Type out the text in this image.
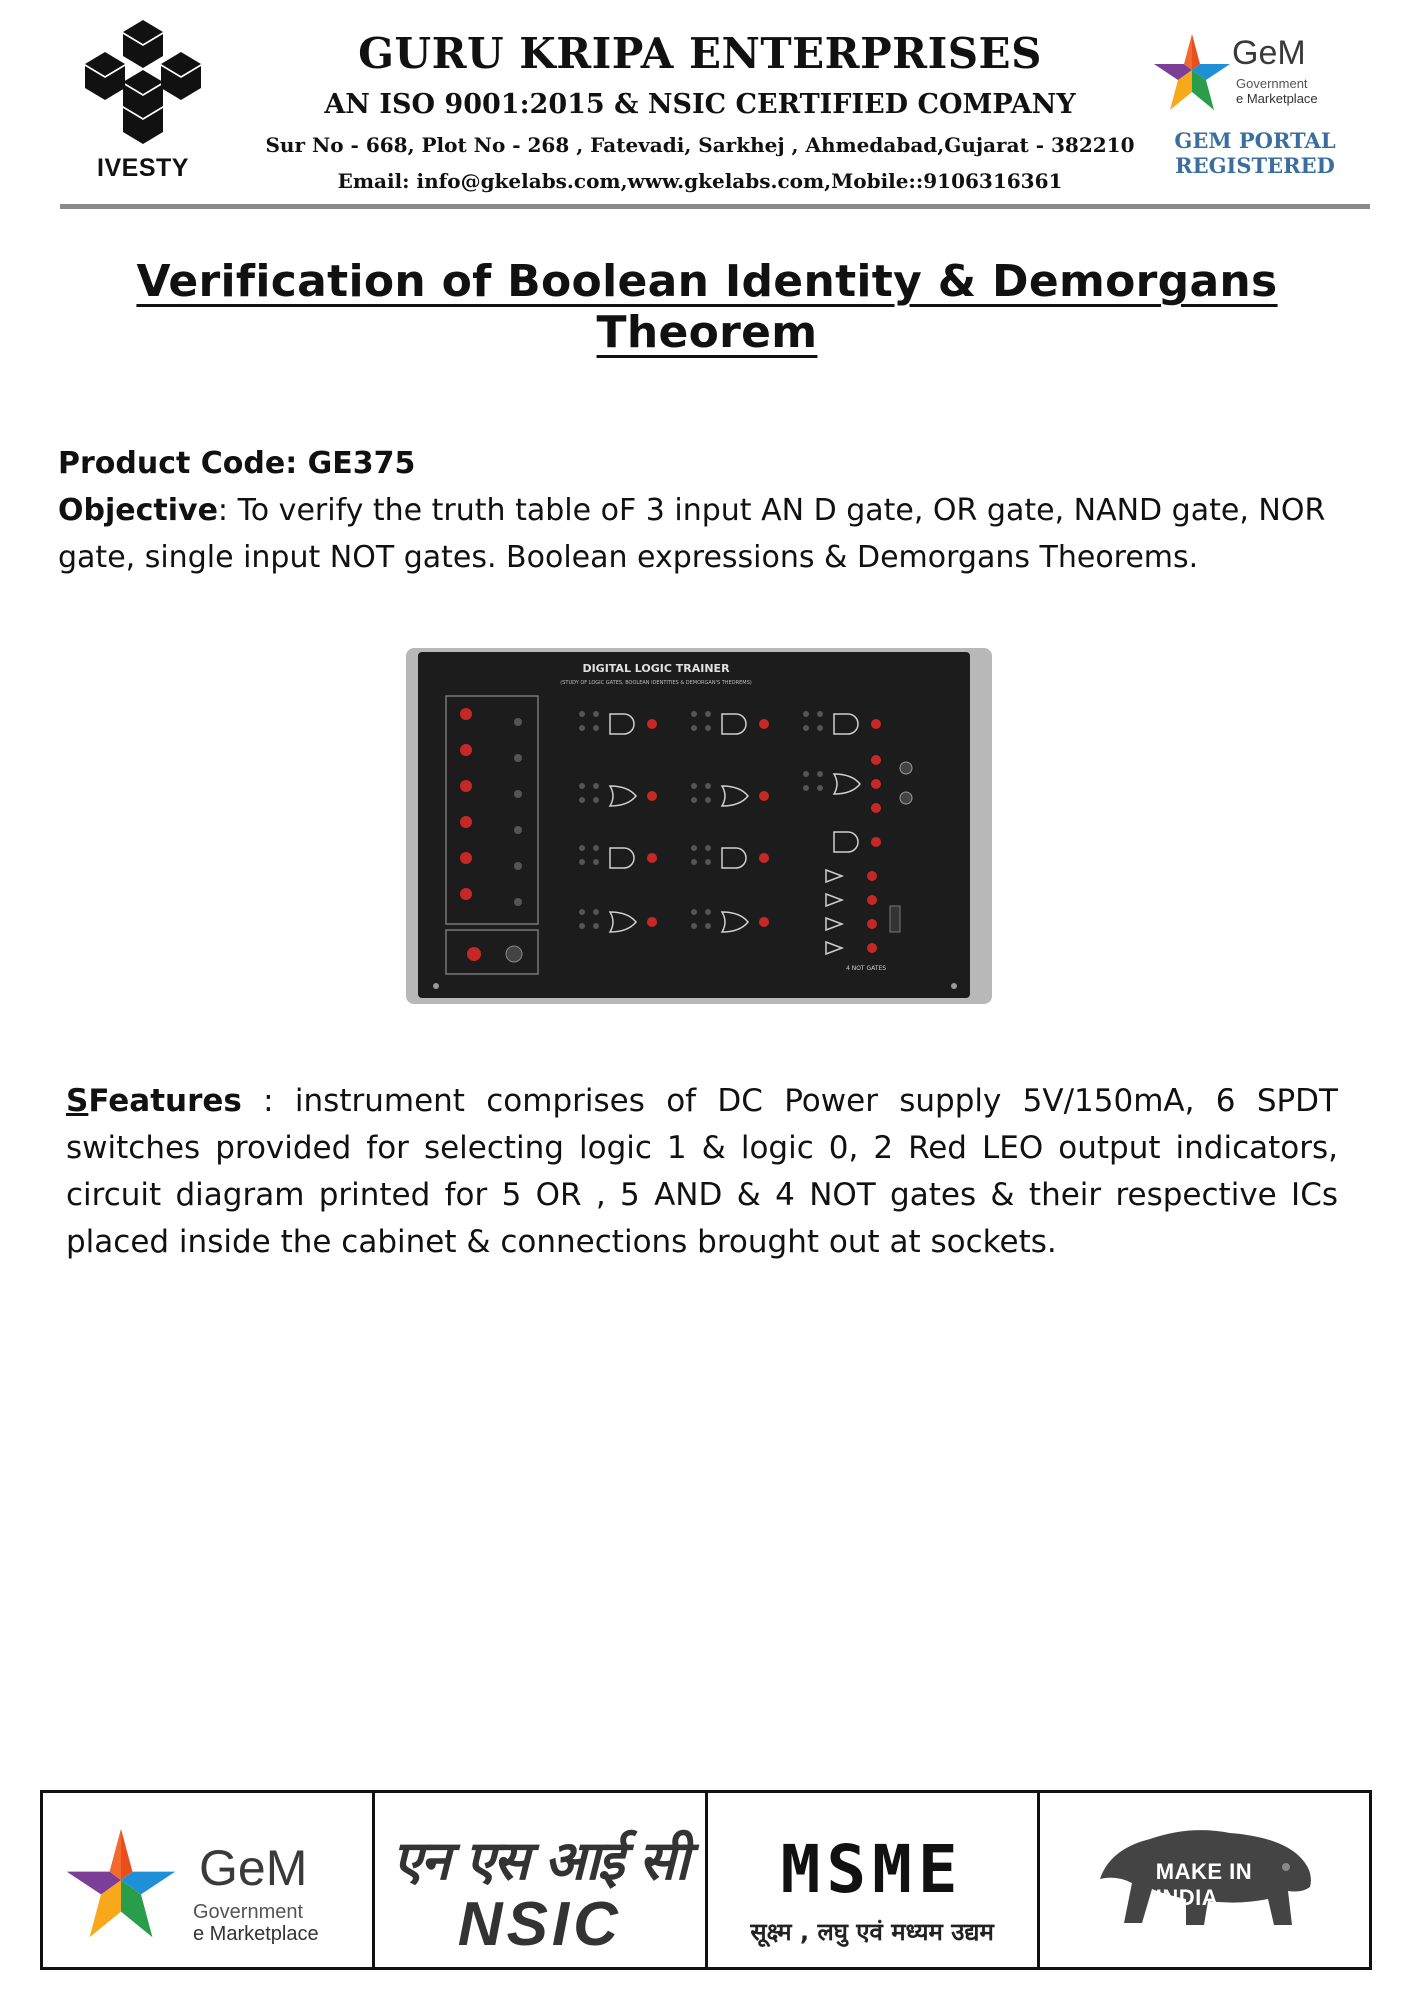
IVESTY
GURU KRIPA ENTERPRISES
AN ISO 9001:2015 & NSIC CERTIFIED COMPANY
Sur No - 668, Plot No - 268 , Fatevadi, Sarkhej , Ahmedabad,Gujarat - 382210
Email: info@gkelabs.com,www.gkelabs.com,Mobile::9106316361
GeM
Government
e Marketplace
GEM PORTAL
REGISTERED
Verification of Boolean Identity & Demorgans Theorem
Product Code: GE375
Objective: To verify the truth table oF 3 input AN D gate, OR gate, NAND gate, NOR gate, single input NOT gates. Boolean expressions & Demorgans Theorems.
DIGITAL LOGIC TRAINER
(STUDY OF LOGIC GATES, BOOLEAN IDENTITIES & DEMORGAN'S THEOREMS)
4 NOT GATES
SFeatures : instrument comprises of DC Power supply 5V/150mA, 6 SPDT switches provided for selecting logic 1 & logic 0, 2 Red LEO output indicators, circuit diagram printed for 5 OR , 5 AND & 4 NOT gates & their respective ICs placed inside the cabinet & connections brought out at sockets.
GeM
Government
e Marketplace
एन एस आई सी
NSIC
MSME
सूक्ष्म , लघु एवं मध्यम उद्यम
MAKE IN INDIA
